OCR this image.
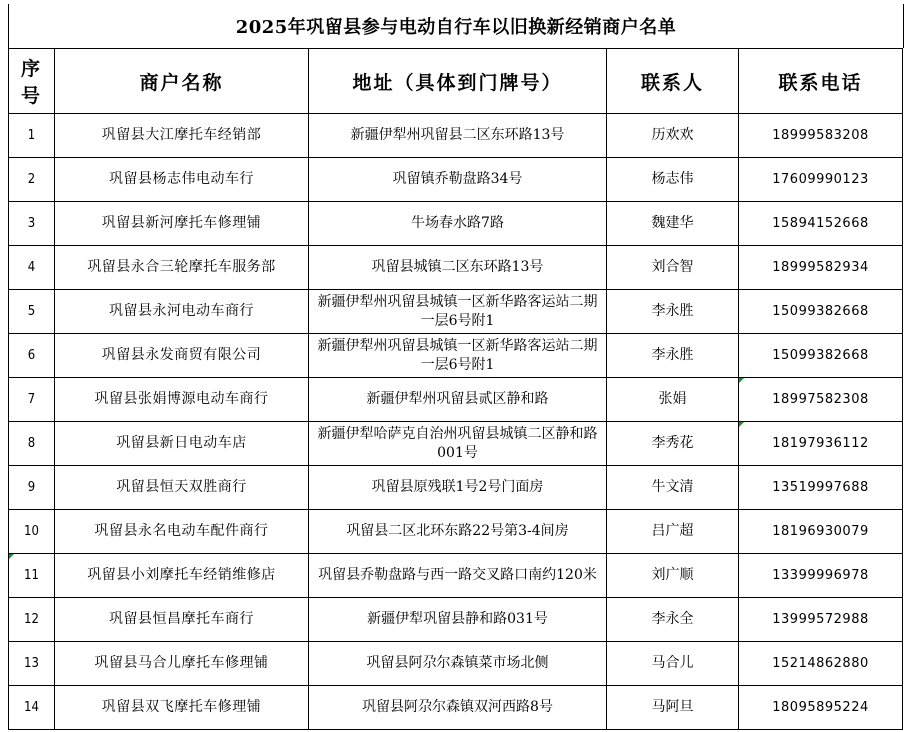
2025年巩留县参与电动自行车以旧换新经销商户名单
序号	商户名称	地址（具体到门牌号）	联系人	联系电话
1	巩留县大江摩托车经销部	新疆伊犁州巩留县二区东环路13号	历欢欢	18999583208
2	巩留县杨志伟电动车行	巩留镇乔勒盘路34号	杨志伟	17609990123
3	巩留县新河摩托车修理铺	牛场春水路7路	魏建华	15894152668
4	巩留县永合三轮摩托车服务部	巩留县城镇二区东环路13号	刘合智	18999582934
5	巩留县永河电动车商行	新疆伊犁州巩留县城镇一区新华路客运站二期一层6号附1	李永胜	15099382668
6	巩留县永发商贸有限公司	新疆伊犁州巩留县城镇一区新华路客运站二期一层6号附1	李永胜	15099382668
7	巩留县张娟博源电动车商行	新疆伊犁州巩留县贰区静和路	张娟	18997582308
8	巩留县新日电动车店	新疆伊犁哈萨克自治州巩留县城镇二区静和路001号	李秀花	18197936112
9	巩留县恒天双胜商行	巩留县原残联1号2号门面房	牛文清	13519997688
10	巩留县永名电动车配件商行	巩留县二区北环东路22号第3-4间房	吕广超	18196930079
11	巩留县小刘摩托车经销维修店	巩留县乔勒盘路与西一路交叉路口南约120米	刘广顺	13399996978
12	巩留县恒昌摩托车商行	新疆伊犁巩留县静和路031号	李永全	13999572988
13	巩留县马合儿摩托车修理铺	巩留县阿尕尔森镇菜市场北侧	马合儿	15214862880
14	巩留县双飞摩托车修理铺	巩留县阿尕尔森镇双河西路8号	马阿旦	18095895224
